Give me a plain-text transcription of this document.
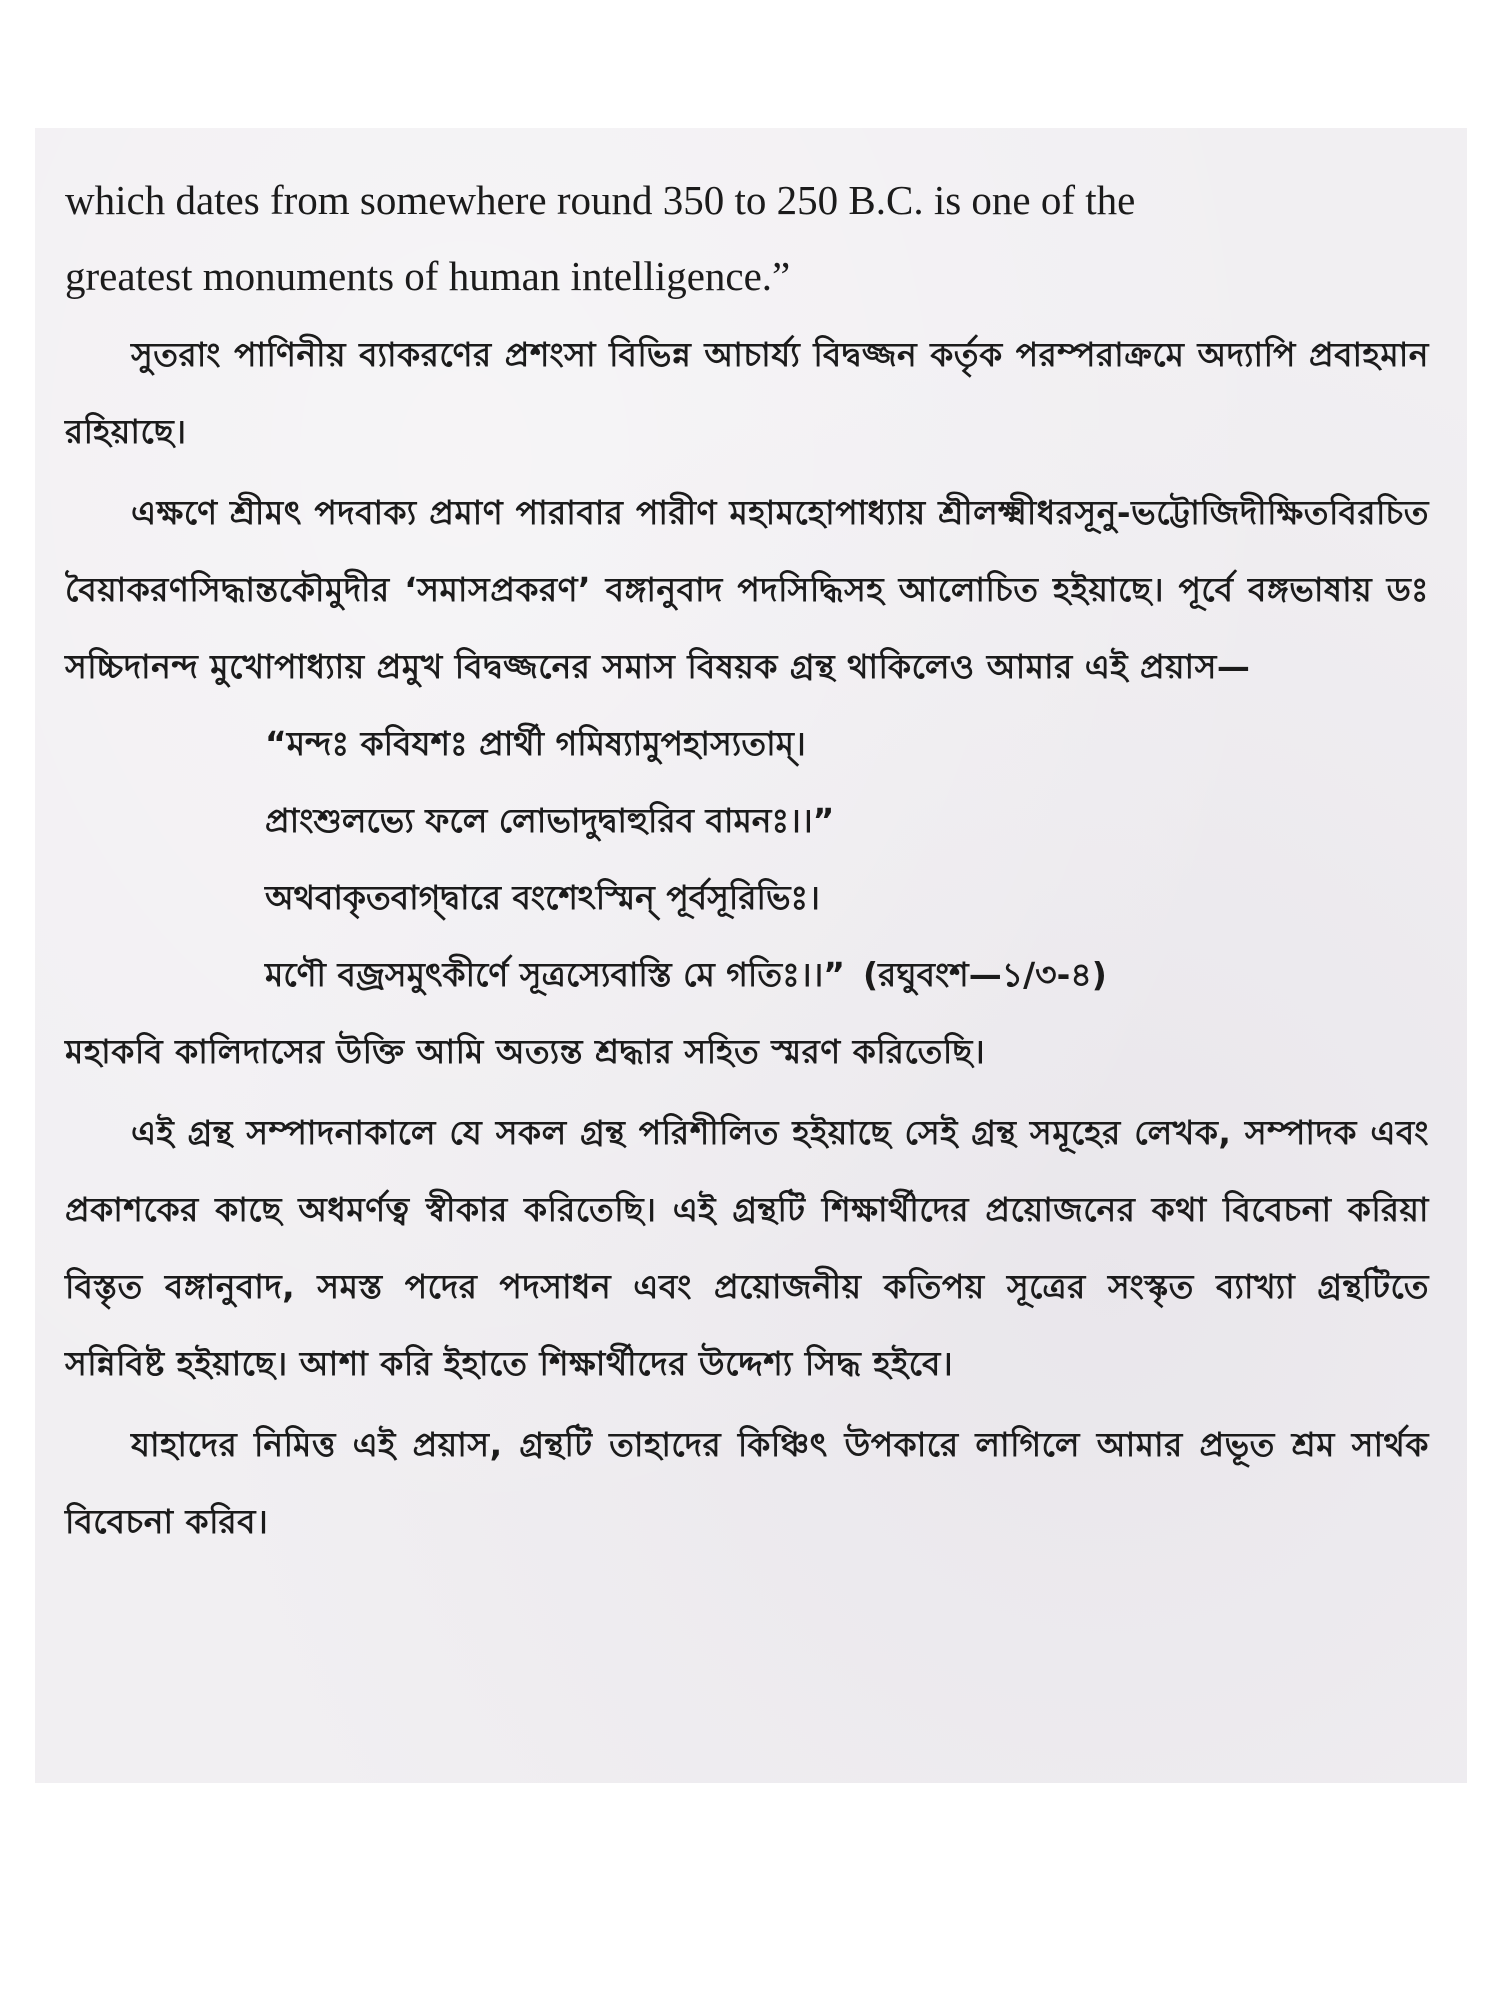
which dates from somewhere round 350 to 250 B.C. is one of the
greatest monuments of human intelligence.”

সুতরাং পাণিনীয় ব্যাকরণের প্রশংসা বিভিন্ন আচার্য্য বিদ্বজ্জন কর্তৃক পরম্পরাক্রমে অদ্যাপি প্রবাহমান রহিয়াছে।

এক্ষণে শ্রীমৎ পদবাক্য প্রমাণ পারাবার পারীণ মহামহোপাধ্যায় শ্রীলক্ষ্মীধরসূনু-ভট্টোজিদীক্ষিতবিরচিত বৈয়াকরণসিদ্ধান্তকৌমুদীর ‘সমাসপ্রকরণ’ বঙ্গানুবাদ পদসিদ্ধিসহ আলোচিত হইয়াছে। পূর্বে বঙ্গভাষায় ডঃ সচ্চিদানন্দ মুখোপাধ্যায় প্রমুখ বিদ্বজ্জনের সমাস বিষয়ক গ্রন্থ থাকিলেও আমার এই প্রয়াস—

“মন্দঃ কবিযশঃ প্রার্থী গমিষ্যামুপহাস্যতাম্।
প্রাংশুলভ্যে ফলে লোভাদুদ্বাহুরিব বামনঃ।।”
অথবাকৃতবাগ্দ্বারে বংশেঽস্মিন্ পূর্বসূরিভিঃ।
মণৌ বজ্রসমুৎকীর্ণে সূত্রস্যেবাস্তি মে গতিঃ।।” (রঘুবংশ—১/৩-৪)

মহাকবি কালিদাসের উক্তি আমি অত্যন্ত শ্রদ্ধার সহিত স্মরণ করিতেছি।

এই গ্রন্থ সম্পাদনাকালে যে সকল গ্রন্থ পরিশীলিত হইয়াছে সেই গ্রন্থ সমূহের লেখক, সম্পাদক এবং প্রকাশকের কাছে অধমর্ণত্ব স্বীকার করিতেছি। এই গ্রন্থটি শিক্ষার্থীদের প্রয়োজনের কথা বিবেচনা করিয়া বিস্তৃত বঙ্গানুবাদ, সমস্ত পদের পদসাধন এবং প্রয়োজনীয় কতিপয় সূত্রের সংস্কৃত ব্যাখ্যা গ্রন্থটিতে সন্নিবিষ্ট হইয়াছে। আশা করি ইহাতে শিক্ষার্থীদের উদ্দেশ্য সিদ্ধ হইবে।

যাহাদের নিমিত্ত এই প্রয়াস, গ্রন্থটি তাহাদের কিঞ্চিৎ উপকারে লাগিলে আমার প্রভূত শ্রম সার্থক বিবেচনা করিব।
